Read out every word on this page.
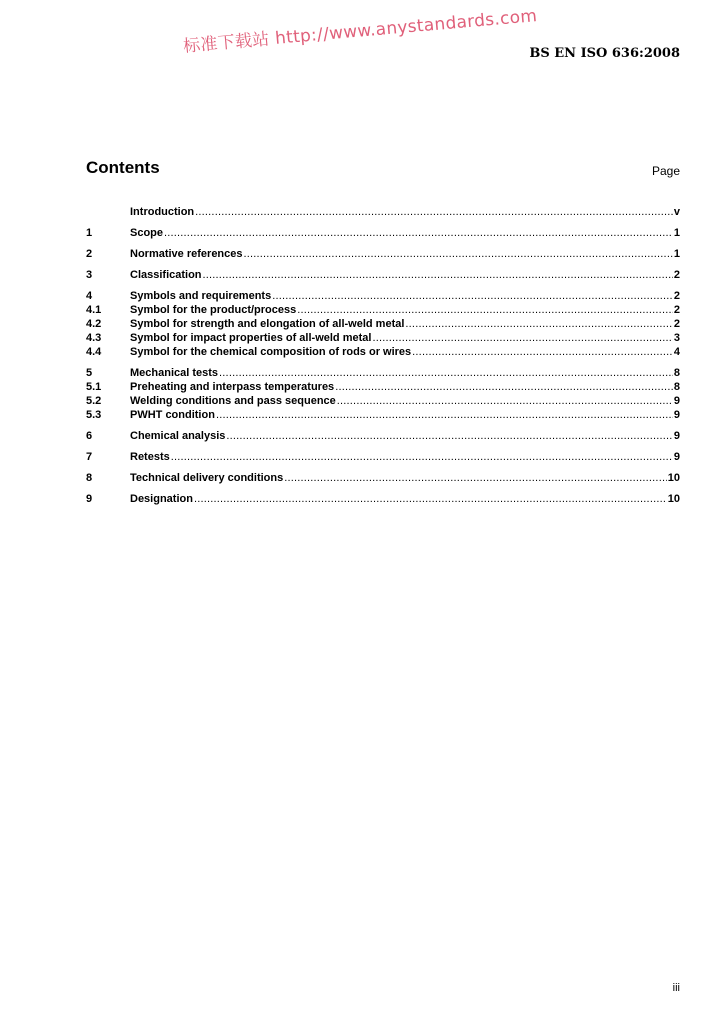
标准下载站 http://www.anystandards.com
BS EN ISO 636:2008
Contents	Page
Introduction .....	v
1	Scope .....	1
2	Normative references .....	1
3	Classification .....	2
4	Symbols and requirements .....	2
4.1	Symbol for the product/process .....	2
4.2	Symbol for strength and elongation of all-weld metal .....	2
4.3	Symbol for impact properties of all-weld metal .....	3
4.4	Symbol for the chemical composition of rods or wires .....	4
5	Mechanical tests .....	8
5.1	Preheating and interpass temperatures .....	8
5.2	Welding conditions and pass sequence .....	9
5.3	PWHT condition .....	9
6	Chemical analysis .....	9
7	Retests .....	9
8	Technical delivery conditions .....	10
9	Designation .....	10
iii
